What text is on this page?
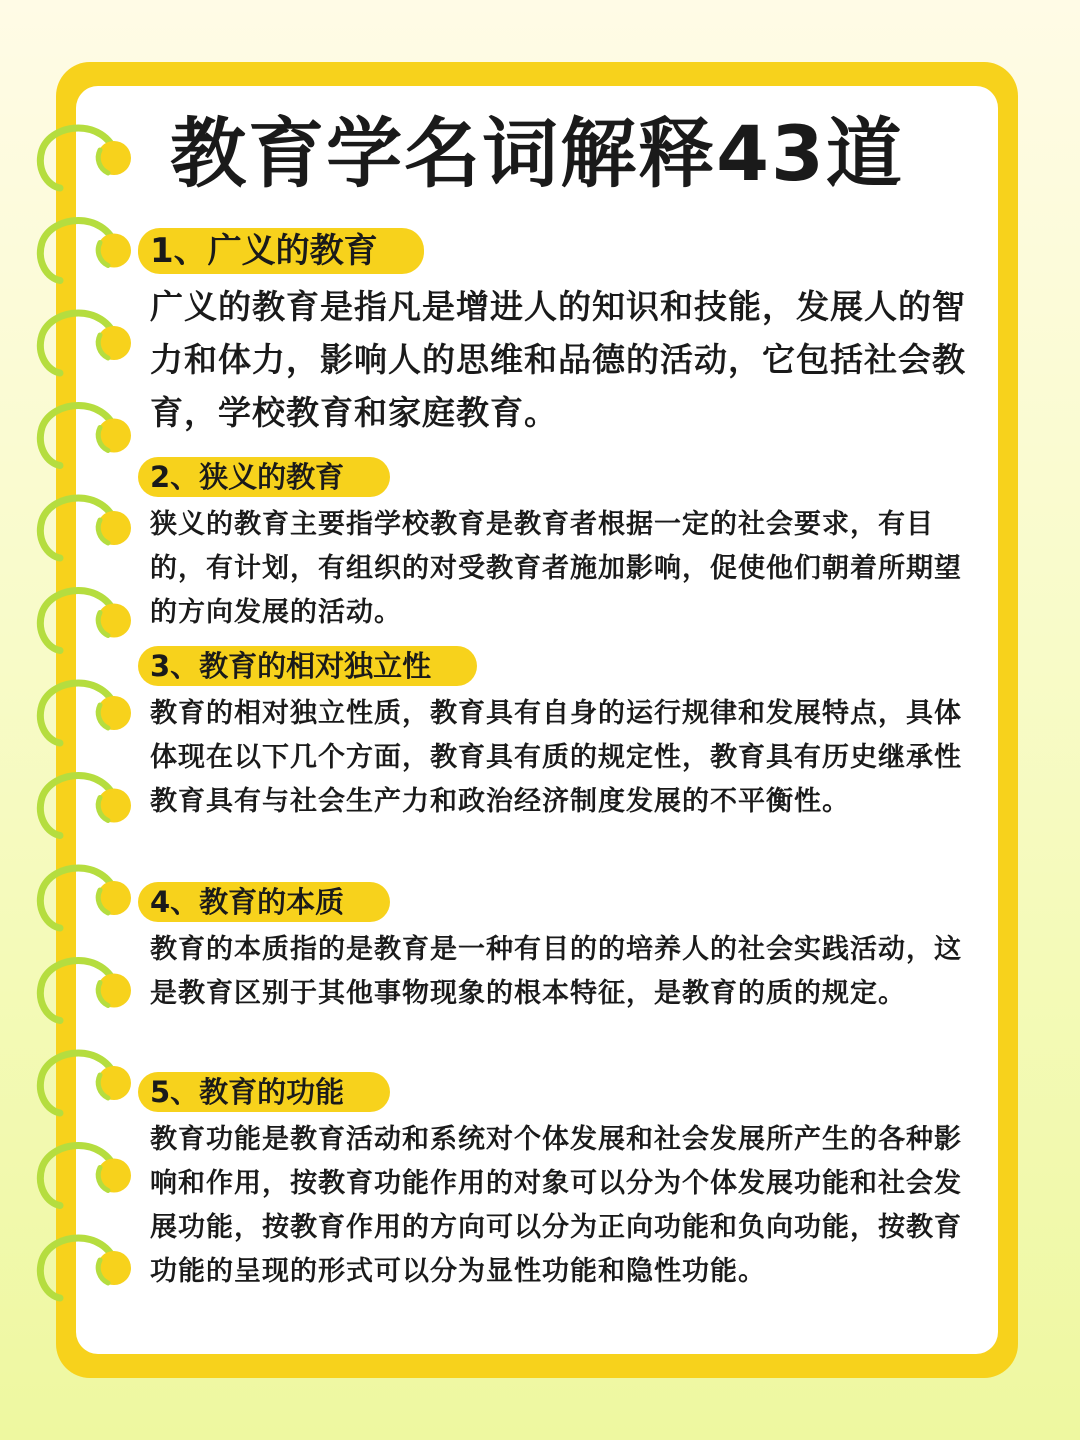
教育学名词解释43道
1、广义的教育

广义的教育是指凡是增进人的知识和技能，发展人的智力和体力，影响人的思维和品德的活动，它包括社会教育，学校教育和家庭教育。

2、狭义的教育

狭义的教育主要指学校教育是教育者根据一定的社会要求，有目的，有计划，有组织的对受教育者施加影响，促使他们朝着所期望的方向发展的活动。

3、教育的相对独立性

教育的相对独立性质，教育具有自身的运行规律和发展特点，具体体现在以下几个方面，教育具有质的规定性，教育具有历史继承性教育具有与社会生产力和政治经济制度发展的不平衡性。

4、教育的本质

教育的本质指的是教育是一种有目的的培养人的社会实践活动，这是教育区别于其他事物现象的根本特征，是教育的质的规定。

5、教育的功能

教育功能是教育活动和系统对个体发展和社会发展所产生的各种影响和作用，按教育功能作用的对象可以分为个体发展功能和社会发展功能，按教育作用的方向可以分为正向功能和负向功能，按教育功能的呈现的形式可以分为显性功能和隐性功能。
